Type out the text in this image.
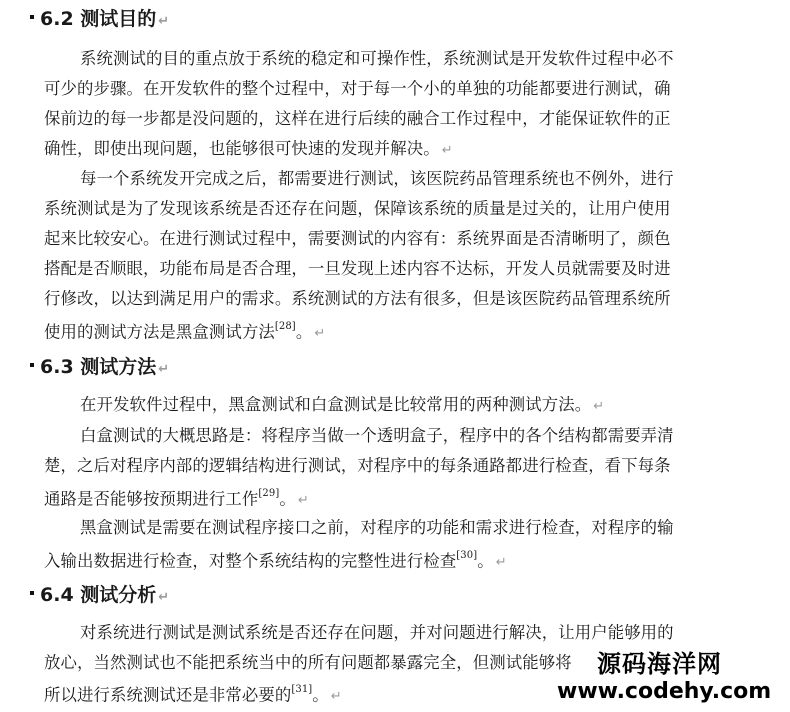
6.2 测试目的 ↵
系统测试的目的重点放于系统的稳定和可操作性，系统测试是开发软件过程中必不
可少的步骤。在开发软件的整个过程中，对于每一个小的单独的功能都要进行测试，确
保前边的每一步都是没问题的，这样在进行后续的融合工作过程中，才能保证软件的正
确性，即使出现问题，也能够很可快速的发现并解决。 ↵
每一个系统发开完成之后，都需要进行测试，该医院药品管理系统也不例外，进行
系统测试是为了发现该系统是否还存在问题，保障该系统的质量是过关的，让用户使用
起来比较安心。在进行测试过程中，需要测试的内容有：系统界面是否清晰明了，颜色
搭配是否顺眼，功能布局是否合理，一旦发现上述内容不达标，开发人员就需要及时进
行修改，以达到满足用户的需求。系统测试的方法有很多，但是该医院药品管理系统所
使用的测试方法是黑盒测试方法[28]。 ↵
6.3 测试方法 ↵
在开发软件过程中，黑盒测试和白盒测试是比较常用的两种测试方法。 ↵
白盒测试的大概思路是：将程序当做一个透明盒子，程序中的各个结构都需要弄清
楚，之后对程序内部的逻辑结构进行测试，对程序中的每条通路都进行检查，看下每条
通路是否能够按预期进行工作[29]。 ↵
黑盒测试是需要在测试程序接口之前，对程序的功能和需求进行检查，对程序的输
入输出数据进行检查，对整个系统结构的完整性进行检查[30]。 ↵
6.4 测试分析 ↵
对系统进行测试是测试系统是否还存在问题，并对问题进行解决，让用户能够用的
放心，当然测试也不能把系统当中的所有问题都暴露完全，但测试能够将
所以进行系统测试还是非常必要的[31]。 ↵
源码海洋网
www.codehy.com
